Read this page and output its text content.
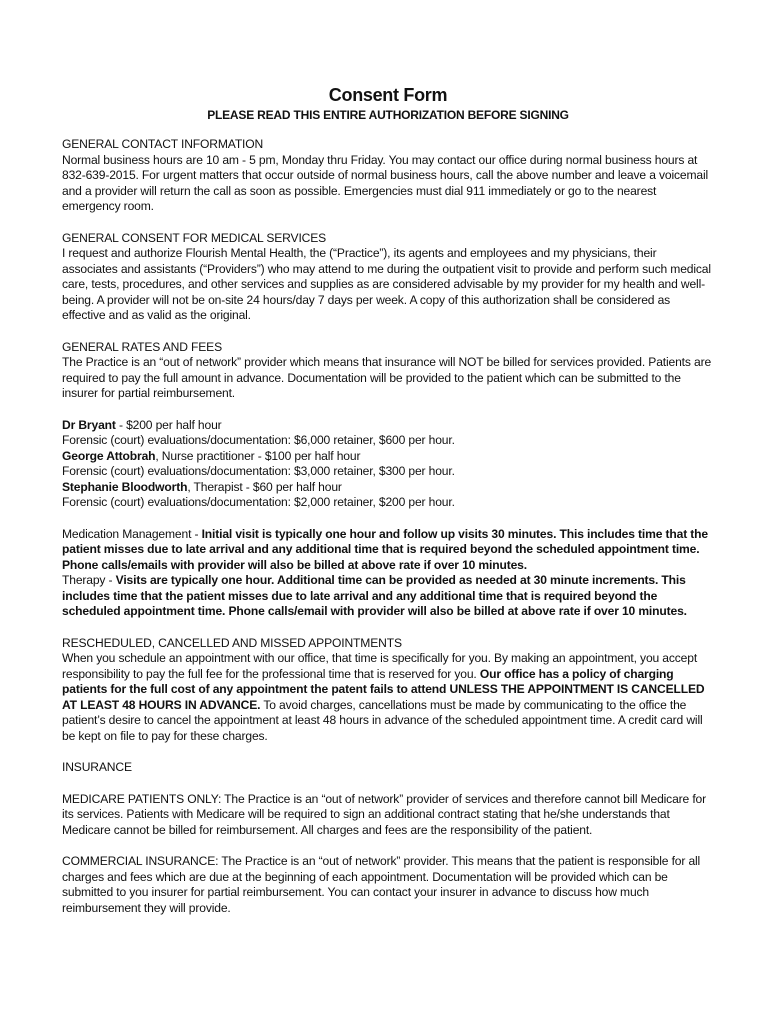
Consent Form
PLEASE READ THIS ENTIRE AUTHORIZATION BEFORE SIGNING
GENERAL CONTACT INFORMATION

Normal business hours are 10 am - 5 pm, Monday thru Friday. You may contact our office during normal business hours at 832-639-2015. For urgent matters that occur outside of normal business hours, call the above number and leave a voicemail and a provider will return the call as soon as possible. Emergencies must dial 911 immediately or go to the nearest emergency room.

GENERAL CONSENT FOR MEDICAL SERVICES

I request and authorize Flourish Mental Health, the (“Practice”), its agents and employees and my physicians, their associates and assistants (“Providers”) who may attend to me during the outpatient visit to provide and perform such medical care, tests, procedures, and other services and supplies as are considered advisable by my provider for my health and well-being. A provider will not be on-site 24 hours/day 7 days per week. A copy of this authorization shall be considered as effective and as valid as the original.

GENERAL RATES AND FEES

The Practice is an “out of network” provider which means that insurance will NOT be billed for services provided. Patients are required to pay the full amount in advance. Documentation will be provided to the patient which can be submitted to the insurer for partial reimbursement.

Dr Bryant - $200 per half hour
Forensic (court) evaluations/documentation: $6,000 retainer, $600 per hour.
George Attobrah, Nurse practitioner - $100 per half hour
Forensic (court) evaluations/documentation: $3,000 retainer, $300 per hour.
Stephanie Bloodworth, Therapist - $60 per half hour
Forensic (court) evaluations/documentation: $2,000 retainer, $200 per hour.

Medication Management - Initial visit is typically one hour and follow up visits 30 minutes. This includes time that the patient misses due to late arrival and any additional time that is required beyond the scheduled appointment time. Phone calls/emails with provider will also be billed at above rate if over 10 minutes.

Therapy - Visits are typically one hour. Additional time can be provided as needed at 30 minute increments. This includes time that the patient misses due to late arrival and any additional time that is required beyond the scheduled appointment time. Phone calls/email with provider will also be billed at above rate if over 10 minutes.

RESCHEDULED, CANCELLED AND MISSED APPOINTMENTS

When you schedule an appointment with our office, that time is specifically for you. By making an appointment, you accept responsibility to pay the full fee for the professional time that is reserved for you. Our office has a policy of charging patients for the full cost of any appointment the patent fails to attend UNLESS THE APPOINTMENT IS CANCELLED AT LEAST 48 HOURS IN ADVANCE. To avoid charges, cancellations must be made by communicating to the office the patient’s desire to cancel the appointment at least 48 hours in advance of the scheduled appointment time. A credit card will be kept on file to pay for these charges.

INSURANCE

MEDICARE PATIENTS ONLY: The Practice is an “out of network” provider of services and therefore cannot bill Medicare for its services. Patients with Medicare will be required to sign an additional contract stating that he/she understands that Medicare cannot be billed for reimbursement. All charges and fees are the responsibility of the patient.

COMMERCIAL INSURANCE: The Practice is an “out of network” provider. This means that the patient is responsible for all charges and fees which are due at the beginning of each appointment. Documentation will be provided which can be submitted to you insurer for partial reimbursement. You can contact your insurer in advance to discuss how much reimbursement they will provide.
